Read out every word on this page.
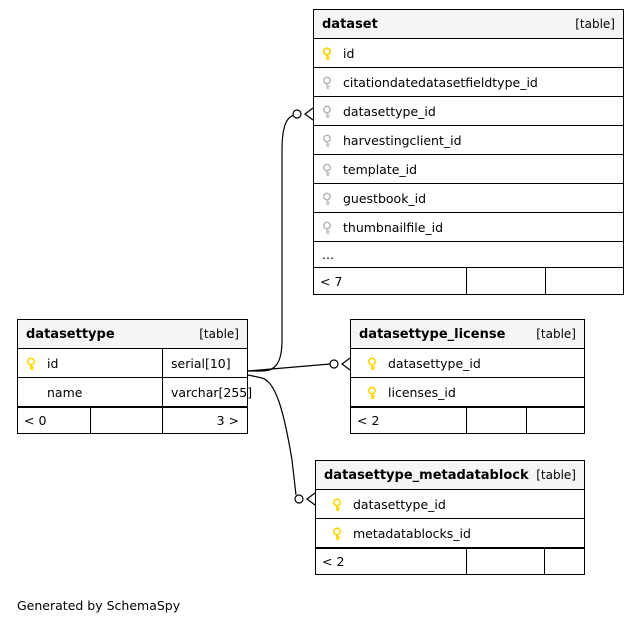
dataset	[table]
id
citationdatedatasetfieldtype_id
datasettype_id
harvestingclient_id
template_id
guestbook_id
thumbnailfile_id
...
< 7
datasettype	[table]
id	serial[10]
name	varchar[255]
< 0	3 >
datasettype_license	[table]
datasettype_id
licenses_id
< 2
datasettype_metadatablock [table]
datasettype_id
metadatablocks_id
< 2
Generated by SchemaSpy
